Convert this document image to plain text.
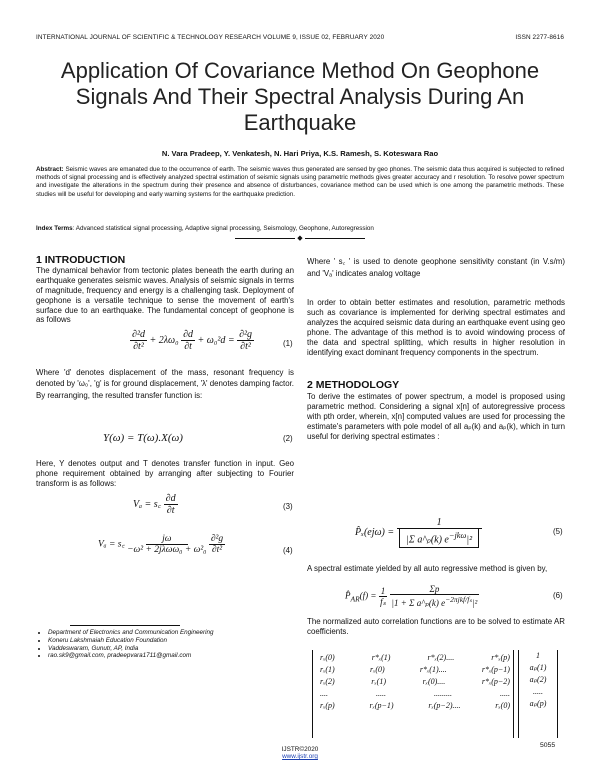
INTERNATIONAL JOURNAL OF SCIENTIFIC & TECHNOLOGY RESEARCH VOLUME 9, ISSUE 02, FEBRUARY 2020	ISSN 2277-8616
Application Of Covariance Method On Geophone
Signals And Their Spectral Analysis During An
Earthquake
N. Vara Pradeep, Y. Venkatesh, N. Hari Priya, K.S. Ramesh, S. Koteswara Rao
Abstract: Seismic waves are emanated due to the occurrence of earth. The seismic waves thus generated are sensed by geo phones. The seismic data thus acquired is subjected to refined methods of signal processing and is effectively analyzed spectral estimation of seismic signals using parametric methods gives greater accuracy and r resolution. To resolve power spectrum and investigate the alterations in the spectrum during their presence and absence of disturbances, covariance method can be used which is one among the parametric methods. These studies will be useful for developing and early warning systems for the earthquake prediction.
Index Terms: Advanced statistical signal processing, Adaptive signal processing, Seismology, Geophone, Autoregression
◆
1 INTRODUCTION
The dynamical behavior from tectonic plates beneath the earth during an earthquake generates seismic waves. Analysis of seismic signals in terms of magnitude, frequency and energy is a challenging task. Deployment of geophone is a versatile technique to sense the movement of earth's surface due to an earthquake. The fundamental concept of geophone is as follows
$\frac{\text{∂²d}}{\text{∂t²}} + 2\lambda\omega_0 \frac{\partial d}{\partial t} + \omega_0^2d = \frac{\text{∂²g}}{\text{∂t²}}$	(1)
Where 'd' denotes displacement of the mass, resonant frequency is denoted by 'ω₀', 'g' is for ground displacement, 'λ' denotes damping factor. By rearranging, the resulted transfer function is:
Y(ω) = T(ω).X(ω)	(2)
Here, Y denotes output and T denotes transfer function in input. Geo phone requirement obtained by arranging after subjecting to Fourier transform is as follows:
Vₐ = s꜀ $\frac{\partial d}{\partial t}$	(3)
Vₐ = s꜀ $\frac{j\omega}{\text{−ω² + 2jλωω₀ + ω²₀}}$
$\frac{\text{∂²g}}{\text{∂t²}}$	(4)
• Department of Electronics and Communication Engineering
• Koneru Lakshmaiah Education Foundation
• Vaddeswaram, Gunutr, AP, India
• rao.sk9@gmail.com, pradeepvara1711@gmail.com
Where ' s꜀ ' is used to denote geophone sensitivity constant (in V.s/m) and 'Vₐ' indicates analog voltage
In order to obtain better estimates and resolution, parametric methods such as covariance is implemented for deriving spectral estimates and analyzes the acquired seismic data during an earthquake event using geo phone. The advantage of this method is to avoid windowing process of the data and spectral splitting, which results in higher resolution in identifying exact dominant frequency components in the spectrum.
2 METHODOLOGY
To derive the estimates of power spectrum, a model is proposed using parametric method. Considering a signal x[n] of autoregressive process with pth order, wherein, x[n] computed values are used for processing the estimate's parameters with pole model of all aₚ(k) and aₚ(k), which in turn useful for deriving spectral estimates :
P̂ₓ(ejω) = $\frac{1}{|\Sigma a\^{}_p(k) e^{-jk\omega}|^2}$	(5)
A spectral estimate yielded by all auto regressive method is given by,
$P̂_{AR}(f) = \frac{1}{\text{fₛ}}$
$\frac{\Sigma p}{|1 + \Sigma a\^{}_p(k) e^{-2\pi jkf/f_s}|^2}$	(6)
The normalized auto correlation functions are to be solved to estimate AR coefficients.
rₓ(0)	r*ₓ(1)	r*ₓ(2)....	r*ₓ(p)
rₓ(1)	rₓ(0)	r*ₓ(1)....	r*ₓ(p−1)
rₓ(2)	rₓ(1)	rₓ(0)....	r*ₓ(p−2)
....	.....	.........	.....
rₓ(p)	rₓ(p−1)	rₓ(p−2)....	rₓ(0)
1
aₚ(1)
aₚ(2)
.....
aₚ(p)
IJSTR©2020
www.ijstr.org
5055
